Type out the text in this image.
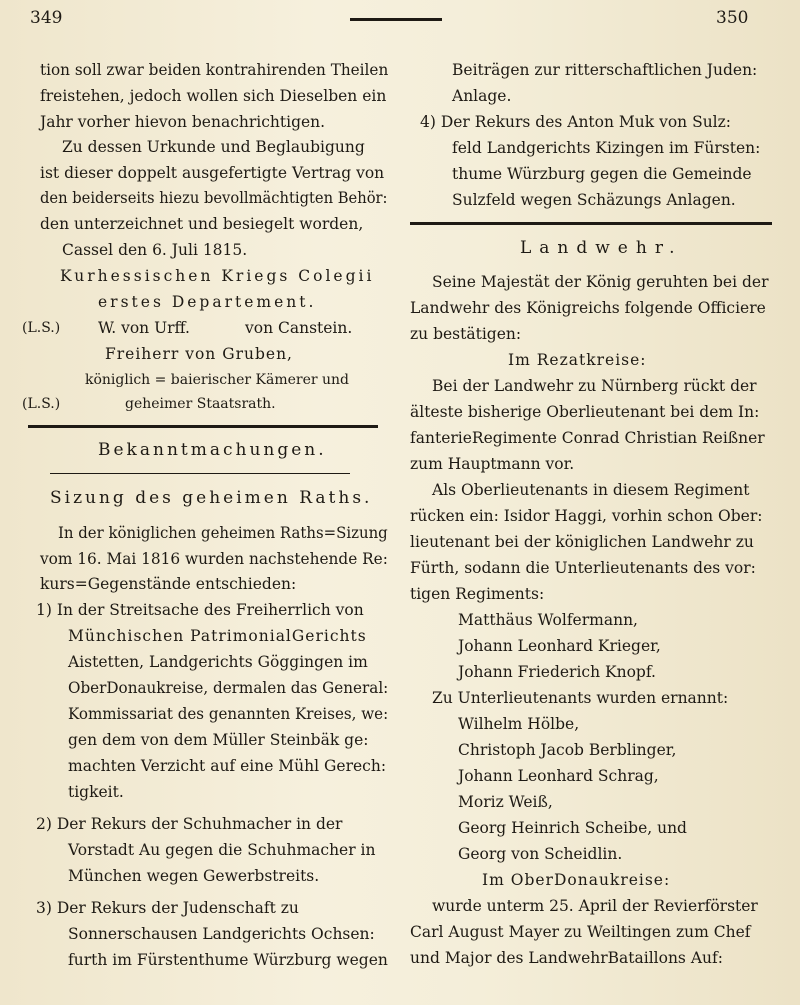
349	350
tion soll zwar beiden kontrahirenden Theilen
freistehen, jedoch wollen sich Dieselben ein
Jahr vorher hievon benachrichtigen.
Zu dessen Urkunde und Beglaubigung
ist dieser doppelt ausgefertigte Vertrag von
den beiderseits hiezu bevollmächtigten Behör:
den unterzeichnet und besiegelt worden,
Cassel den 6. Juli 1815.
Kurhessischen Kriegs Colegii
erstes Departement.
(L.S.) W. von Urff.	von Canstein.
Freiherr von Gruben,
königlich = baierischer Kämerer und
(L.S.)	geheimer Staatsrath.
Bekanntmachungen.
Sizung des geheimen Raths.
In der königlichen geheimen Raths=Sizung
vom 16. Mai 1816 wurden nachstehende Re:
kurs=Gegenstände entschieden:
1) In der Streitsache des Freiherrlich von
Münchischen PatrimonialGerichts
Aistetten, Landgerichts Göggingen im
OberDonaukreise, dermalen das General:
Kommissariat des genannten Kreises, we:
gen dem von dem Müller Steinbäk ge:
machten Verzicht auf eine Mühl Gerech:
tigkeit.
2) Der Rekurs der Schuhmacher in der
Vorstadt Au gegen die Schuhmacher in
München wegen Gewerbstreits.
3) Der Rekurs der Judenschaft zu
Sonnerschausen Landgerichts Ochsen:
furth im Fürstenthume Würzburg wegen
Beiträgen zur ritterschaftlichen Juden:
Anlage.
4) Der Rekurs des Anton Muk von Sulz:
feld Landgerichts Kizingen im Fürsten:
thume Würzburg gegen die Gemeinde
Sulzfeld wegen Schäzungs Anlagen.
Landwehr.
Seine Majestät der König geruhten bei der
Landwehr des Königreichs folgende Officiere
zu bestätigen:
Im Rezatkreise:
Bei der Landwehr zu Nürnberg rückt der
älteste bisherige Oberlieutenant bei dem In:
fanterieRegimente Conrad Christian Reißner
zum Hauptmann vor.
Als Oberlieutenants in diesem Regiment
rücken ein: Isidor Haggi, vorhin schon Ober:
lieutenant bei der königlichen Landwehr zu
Fürth, sodann die Unterlieutenants des vor:
tigen Regiments:
Matthäus Wolfermann,
Johann Leonhard Krieger,
Johann Friederich Knopf.
Zu Unterlieutenants wurden ernannt:
Wilhelm Hölbe,
Christoph Jacob Berblinger,
Johann Leonhard Schrag,
Moriz Weiß,
Georg Heinrich Scheibe, und
Georg von Scheidlin.
Im OberDonaukreise:
wurde unterm 25. April der Revierförster
Carl August Mayer zu Weiltingen zum Chef
und Major des LandwehrBataillons Auf:
